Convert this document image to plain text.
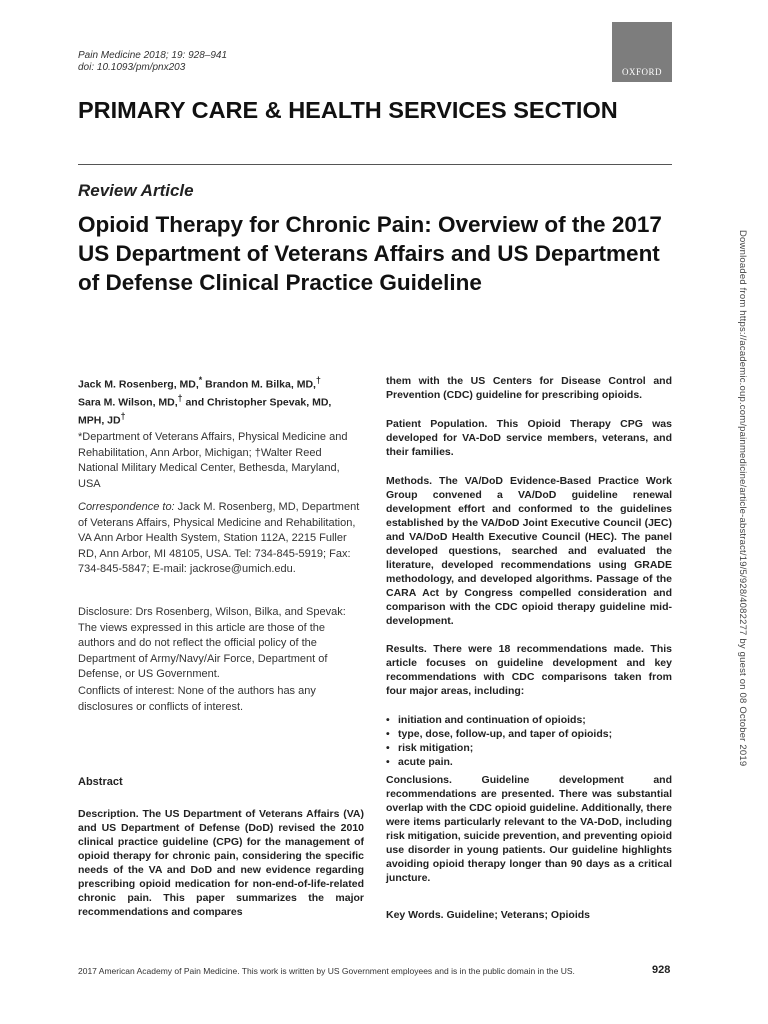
Pain Medicine 2018; 19: 928–941
doi: 10.1093/pm/pnx203	OXFORD
PRIMARY CARE & HEALTH SERVICES SECTION
Review Article
Opioid Therapy for Chronic Pain: Overview of the 2017 US Department of Veterans Affairs and US Department of Defense Clinical Practice Guideline
Jack M. Rosenberg, MD,* Brandon M. Bilka, MD,†
Sara M. Wilson, MD,† and Christopher Spevak, MD,
MPH, JD†
*Department of Veterans Affairs, Physical Medicine and Rehabilitation, Ann Arbor, Michigan; †Walter Reed National Military Medical Center, Bethesda, Maryland, USA
Correspondence to: Jack M. Rosenberg, MD, Department of Veterans Affairs, Physical Medicine and Rehabilitation, VA Ann Arbor Health System, Station 112A, 2215 Fuller RD, Ann Arbor, MI 48105, USA. Tel: 734-845-5919; Fax: 734-845-5847; E-mail: jackrose@umich.edu.
Disclosure: Drs Rosenberg, Wilson, Bilka, and Spevak: The views expressed in this article are those of the authors and do not reflect the official policy of the Department of Army/Navy/Air Force, Department of Defense, or US Government.
Conflicts of interest: None of the authors has any disclosures or conflicts of interest.
Abstract
Description. The US Department of Veterans Affairs (VA) and US Department of Defense (DoD) revised the 2010 clinical practice guideline (CPG) for the management of opioid therapy for chronic pain, considering the specific needs of the VA and DoD and new evidence regarding prescribing opioid medication for non-end-of-life-related chronic pain. This paper summarizes the major recommendations and compares
them with the US Centers for Disease Control and Prevention (CDC) guideline for prescribing opioids.
Patient Population. This Opioid Therapy CPG was developed for VA-DoD service members, veterans, and their families.
Methods. The VA/DoD Evidence-Based Practice Work Group convened a VA/DoD guideline renewal development effort and conformed to the guidelines established by the VA/DoD Joint Executive Council (JEC) and VA/DoD Health Executive Council (HEC). The panel developed questions, searched and evaluated the literature, developed recommendations using GRADE methodology, and developed algorithms. Passage of the CARA Act by Congress compelled consideration and comparison with the CDC opioid therapy guideline mid-development.
Results. There were 18 recommendations made. This article focuses on guideline development and key recommendations with CDC comparisons taken from four major areas, including:
• initiation and continuation of opioids;
• type, dose, follow-up, and taper of opioids;
• risk mitigation;
• acute pain.
Conclusions. Guideline development and recommendations are presented. There was substantial overlap with the CDC opioid guideline. Additionally, there were items particularly relevant to the VA-DoD, including risk mitigation, suicide prevention, and preventing opioid use disorder in young patients. Our guideline highlights avoiding opioid therapy longer than 90 days as a critical juncture.
Key Words. Guideline; Veterans; Opioids
Downloaded from https://academic.oup.com/painmedicine/article-abstract/19/5/928/4082277 by guest on 08 October 2019
2017 American Academy of Pain Medicine. This work is written by US Government employees and is in the public domain in the US.	928
